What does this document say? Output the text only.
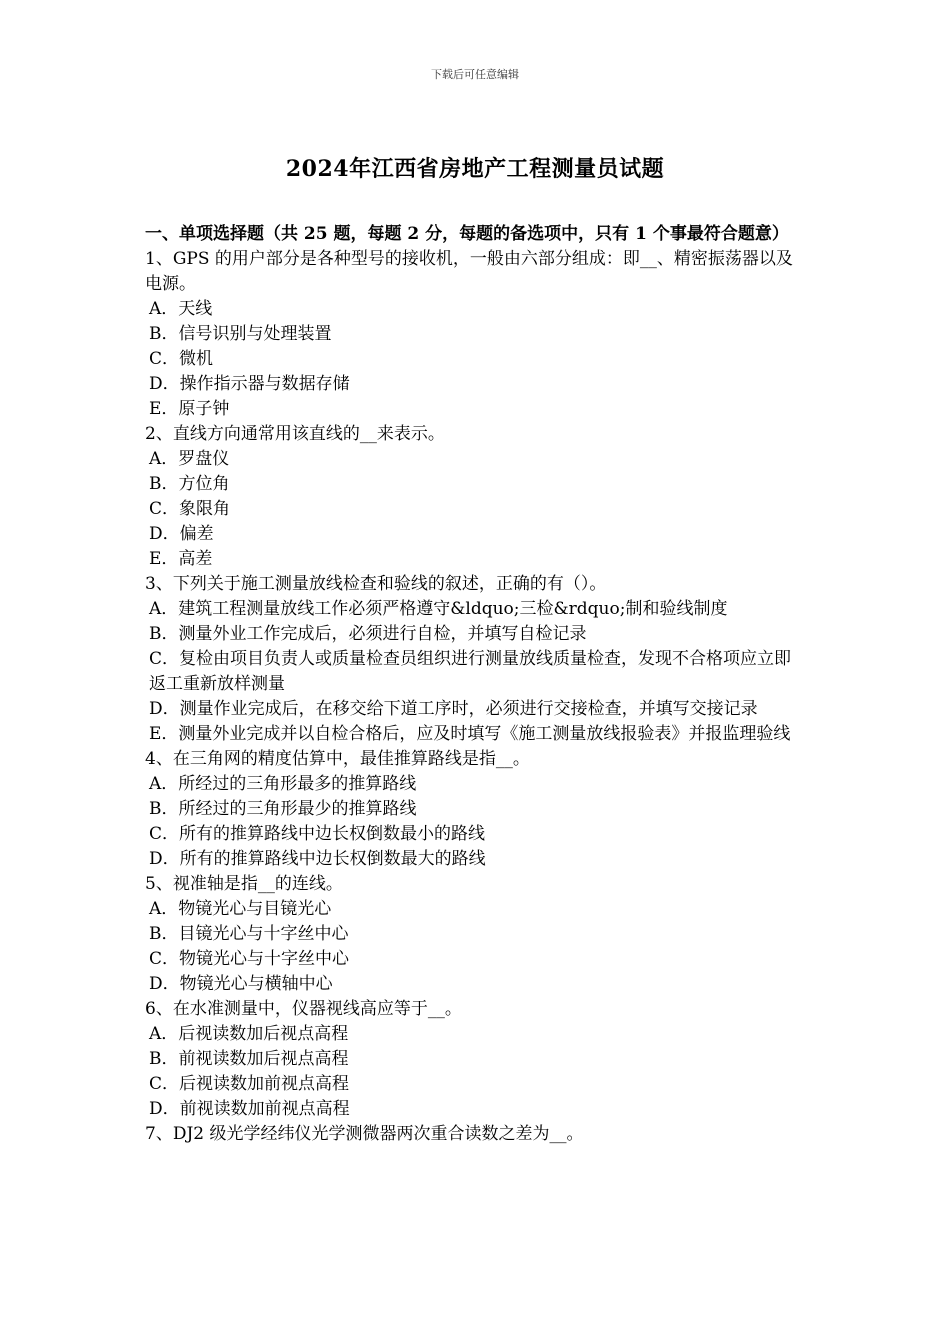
下载后可任意编辑
2024年江西省房地产工程测量员试题
一、单项选择题（共 25 题，每题 2 分，每题的备选项中，只有 1 个事最符合题意）
1、GPS 的用户部分是各种型号的接收机，一般由六部分组成：即__、精密振荡器以及电源。
A．天线
B．信号识别与处理装置
C．微机
D．操作指示器与数据存储
E．原子钟
2、直线方向通常用该直线的__来表示。
A．罗盘仪
B．方位角
C．象限角
D．偏差
E．高差
3、下列关于施工测量放线检查和验线的叙述，正确的有（）。
A．建筑工程测量放线工作必须严格遵守&ldquo;三检&rdquo;制和验线制度
B．测量外业工作完成后，必须进行自检，并填写自检记录
C．复检由项目负责人或质量检查员组织进行测量放线质量检查，发现不合格项应立即返工重新放样测量
D．测量作业完成后，在移交给下道工序时，必须进行交接检查，并填写交接记录
E．测量外业完成并以自检合格后，应及时填写《施工测量放线报验表》并报监理验线
4、在三角网的精度估算中，最佳推算路线是指__。
A．所经过的三角形最多的推算路线
B．所经过的三角形最少的推算路线
C．所有的推算路线中边长权倒数最小的路线
D．所有的推算路线中边长权倒数最大的路线
5、视准轴是指__的连线。
A．物镜光心与目镜光心
B．目镜光心与十字丝中心
C．物镜光心与十字丝中心
D．物镜光心与横轴中心
6、在水准测量中，仪器视线高应等于__。
A．后视读数加后视点高程
B．前视读数加后视点高程
C．后视读数加前视点高程
D．前视读数加前视点高程
7、DJ2 级光学经纬仪光学测微器两次重合读数之差为__。
